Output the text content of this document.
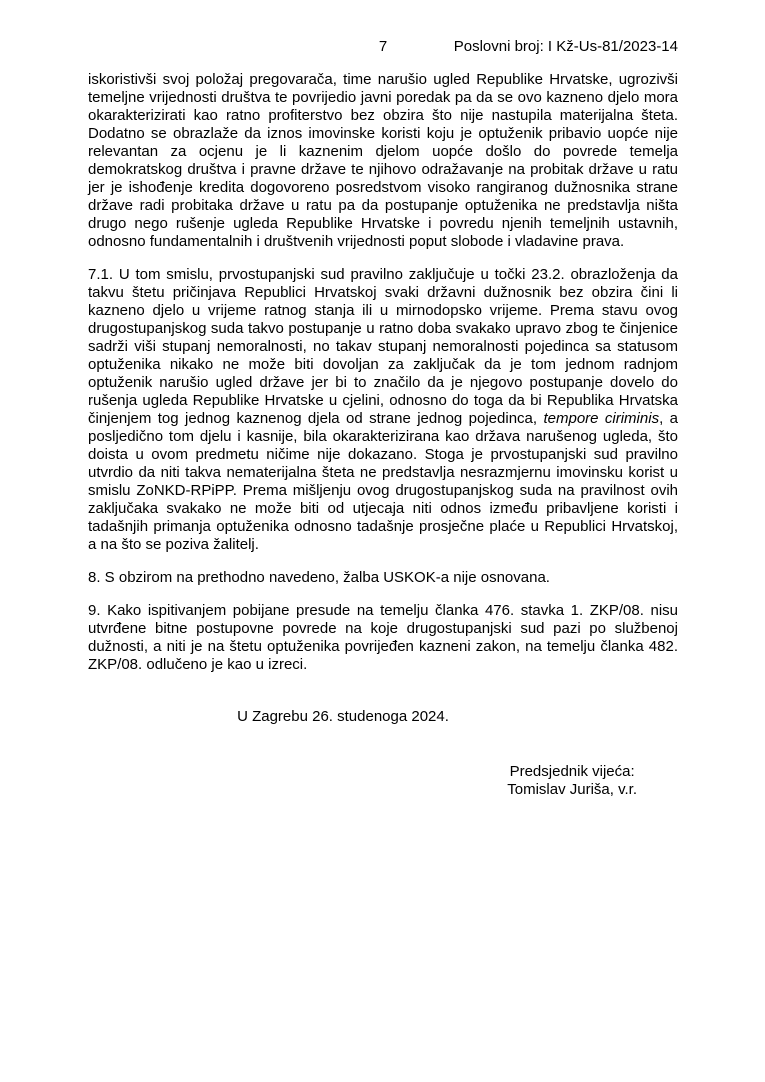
7	Poslovni broj: I Kž-Us-81/2023-14

iskoristivši svoj položaj pregovarača, time narušio ugled Republike Hrvatske, ugrozivši temeljne vrijednosti društva te povrijedio javni poredak pa da se ovo kazneno djelo mora okarakterizirati kao ratno profiterstvo bez obzira što nije nastupila materijalna šteta. Dodatno se obrazlaže da iznos imovinske koristi koju je optuženik pribavio uopće nije relevantan za ocjenu je li kaznenim djelom uopće došlo do povrede temelja demokratskog društva i pravne države te njihovo odražavanje na probitak države u ratu jer je ishođenje kredita dogovoreno posredstvom visoko rangiranog dužnosnika strane države radi probitaka države u ratu pa da postupanje optuženika ne predstavlja ništa drugo nego rušenje ugleda Republike Hrvatske i povredu njenih temeljnih ustavnih, odnosno fundamentalnih i društvenih vrijednosti poput slobode i vladavine prava.

7.1. U tom smislu, prvostupanjski sud pravilno zaključuje u točki 23.2. obrazloženja da takvu štetu pričinjava Republici Hrvatskoj svaki državni dužnosnik bez obzira čini li kazneno djelo u vrijeme ratnog stanja ili u mirnodopsko vrijeme. Prema stavu ovog drugostupanjskog suda takvo postupanje u ratno doba svakako upravo zbog te činjenice sadrži viši stupanj nemoralnosti, no takav stupanj nemoralnosti pojedinca sa statusom optuženika nikako ne može biti dovoljan za zaključak da je tom jednom radnjom optuženik narušio ugled države jer bi to značilo da je njegovo postupanje dovelo do rušenja ugleda Republike Hrvatske u cjelini, odnosno do toga da bi Republika Hrvatska činjenjem tog jednog kaznenog djela od strane jednog pojedinca, tempore ciriminis, a posljedično tom djelu i kasnije, bila okarakterizirana kao država narušenog ugleda, što doista u ovom predmetu ničime nije dokazano. Stoga je prvostupanjski sud pravilno utvrdio da niti takva nematerijalna šteta ne predstavlja nesrazmjernu imovinsku korist u smislu ZoNKD-RPiPP. Prema mišljenju ovog drugostupanjskog suda na pravilnost ovih zaključaka svakako ne može biti od utjecaja niti odnos između pribavljene koristi i tadašnjih primanja optuženika odnosno tadašnje prosječne plaće u Republici Hrvatskoj, a na što se poziva žalitelj.

8. S obzirom na prethodno navedeno, žalba USKOK-a nije osnovana.

9. Kako ispitivanjem pobijane presude na temelju članka 476. stavka 1. ZKP/08. nisu utvrđene bitne postupovne povrede na koje drugostupanjski sud pazi po službenoj dužnosti, a niti je na štetu optuženika povrijeđen kazneni zakon, na temelju članka 482. ZKP/08. odlučeno je kao u izreci.

U Zagrebu 26. studenoga 2024.

Predsjednik vijeća:
Tomislav Juriša, v.r.
